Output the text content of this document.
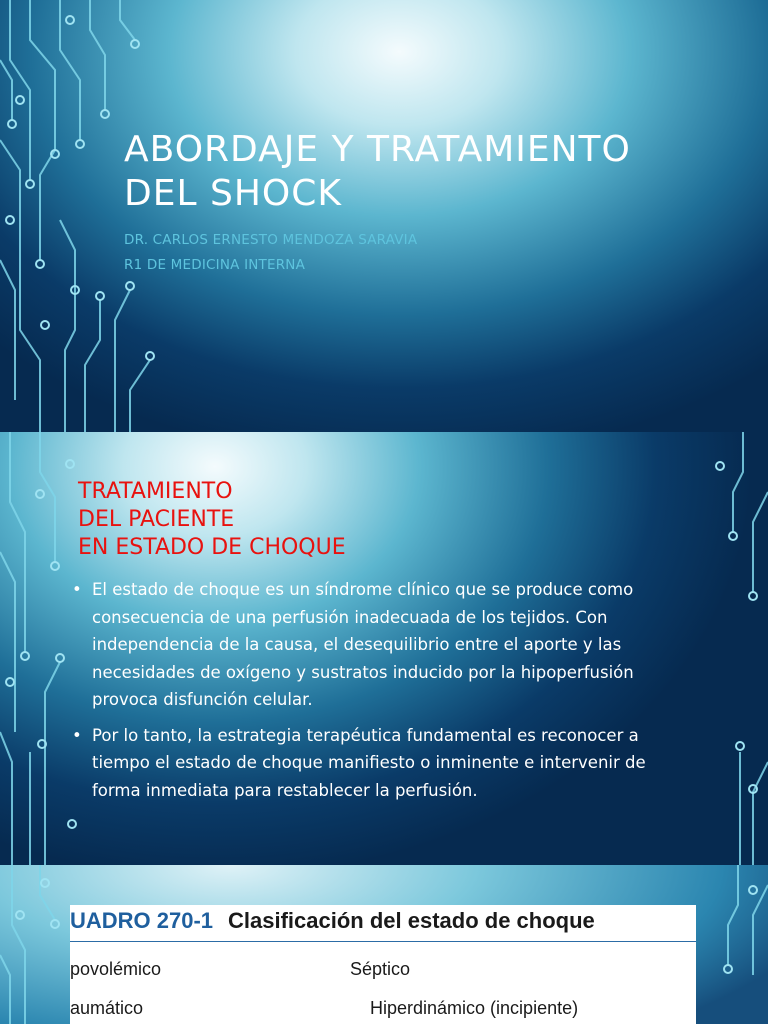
ABORDAJE Y TRATAMIENTO DEL SHOCK
DR. CARLOS ERNESTO MENDOZA SARAVIA
R1 DE MEDICINA INTERNA
TRATAMIENTO
DEL PACIENTE
EN ESTADO DE CHOQUE
• El estado de choque es un síndrome clínico que se produce como consecuencia de una perfusión inadecuada de los tejidos. Con independencia de la causa, el desequilibrio entre el aporte y las necesidades de oxígeno y sustratos inducido por la hipoperfusión provoca disfunción celular.
• Por lo tanto, la estrategia terapéutica fundamental es reconocer a tiempo el estado de choque manifiesto o inminente e intervenir de forma inmediata para restablecer la perfusión.
UADRO 270-1 Clasificación del estado de choque
povolémico	Séptico
aumático	Hiperdinámico (incipiente)
